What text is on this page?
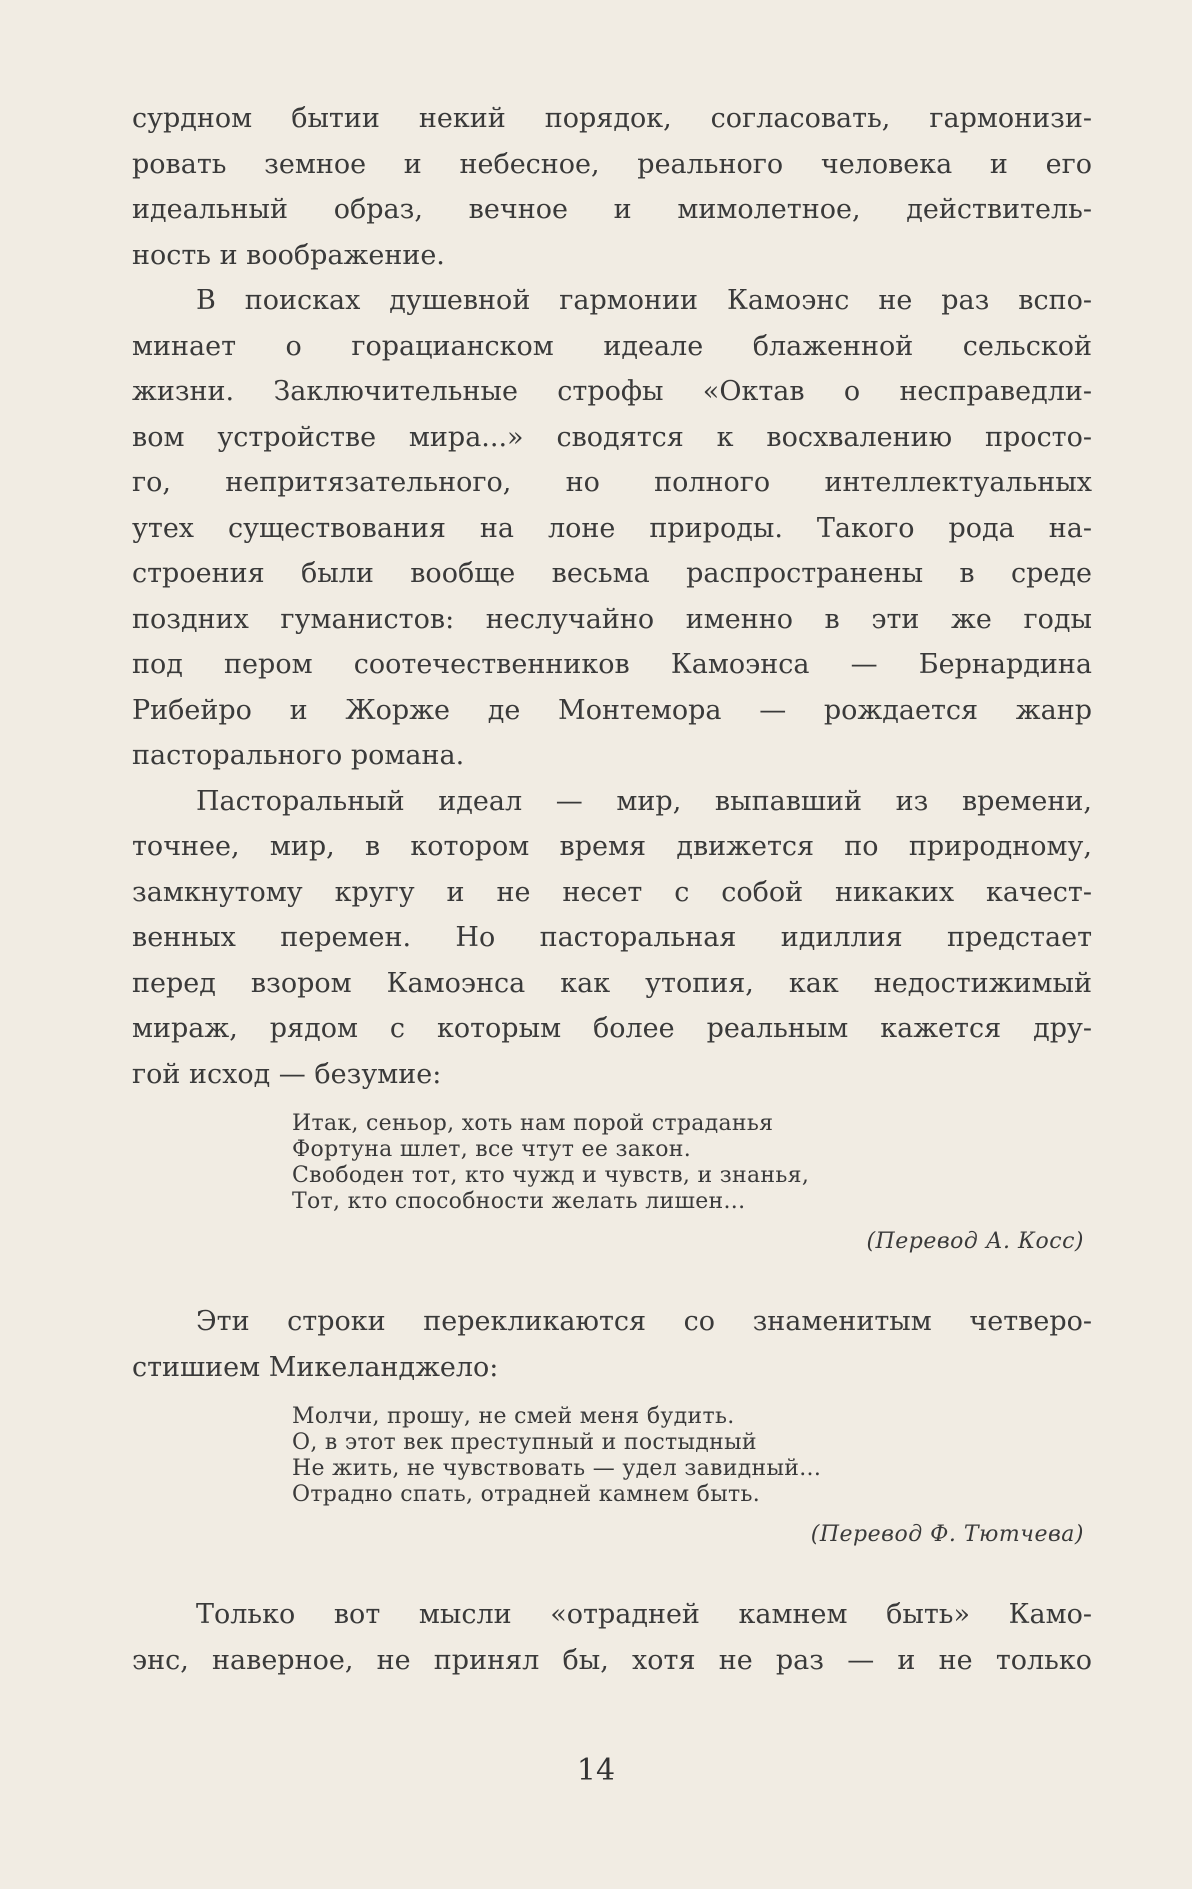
сурдном бытии некий порядок, согласовать, гармонизи-
ровать земное и небесное, реального человека и его
идеальный образ, вечное и мимолетное, действитель-
ность и воображение.
В поисках душевной гармонии Камоэнс не раз вспо-
минает о горацианском идеале блаженной сельской
жизни. Заключительные строфы «Октав о несправедли-
вом устройстве мира...» сводятся к восхвалению просто-
го, непритязательного, но полного интеллектуальных
утех существования на лоне природы. Такого рода на-
строения были вообще весьма распространены в среде
поздних гуманистов: неслучайно именно в эти же годы
под пером соотечественников Камоэнса — Бернардина
Рибейро и Жорже де Монтемора — рождается жанр
пасторального романа.
Пасторальный идеал — мир, выпавший из времени,
точнее, мир, в котором время движется по природному,
замкнутому кругу и не несет с собой никаких качест-
венных перемен. Но пасторальная идиллия предстает
перед взором Камоэнса как утопия, как недостижимый
мираж, рядом с которым более реальным кажется дру-
гой исход — безумие:
Итак, сеньор, хоть нам порой страданья
Фортуна шлет, все чтут ее закон.
Свободен тот, кто чужд и чувств, и знанья,
Тот, кто способности желать лишен...
(Перевод А. Косс)
Эти строки перекликаются со знаменитым четверо-
стишием Микеланджело:
Молчи, прошу, не смей меня будить.
О, в этот век преступный и постыдный
Не жить, не чувствовать — удел завидный...
Отрадно спать, отрадней камнем быть.
(Перевод Ф. Тютчева)
Только вот мысли «отрадней камнем быть» Камо-
энс, наверное, не принял бы, хотя не раз — и не только
14
